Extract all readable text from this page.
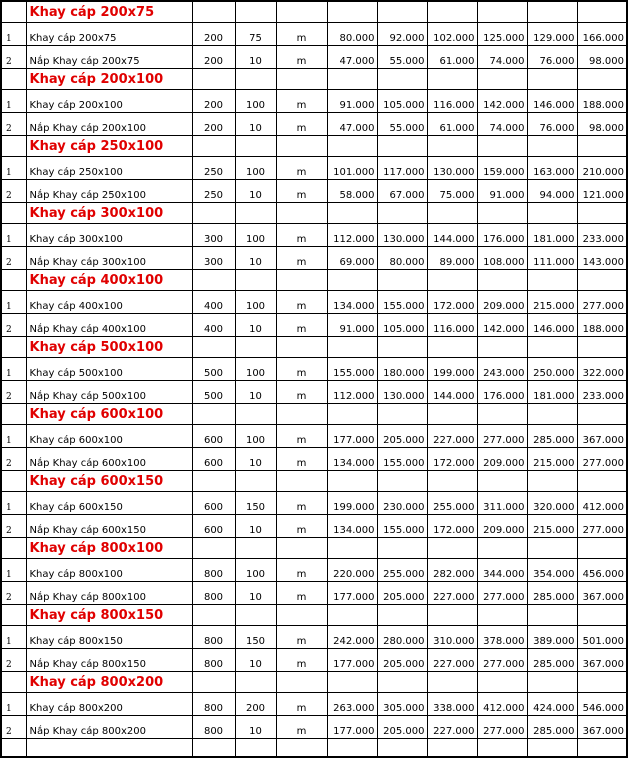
	Khay cáp 200x75									
1	Khay cáp 200x75	200	75	m	80.000	92.000	102.000	125.000	129.000	166.000
2	Nắp Khay cáp 200x75	200	10	m	47.000	55.000	61.000	74.000	76.000	98.000
	Khay cáp 200x100									
1	Khay cáp 200x100	200	100	m	91.000	105.000	116.000	142.000	146.000	188.000
2	Nắp Khay cáp 200x100	200	10	m	47.000	55.000	61.000	74.000	76.000	98.000
	Khay cáp 250x100									
1	Khay cáp 250x100	250	100	m	101.000	117.000	130.000	159.000	163.000	210.000
2	Nắp Khay cáp 250x100	250	10	m	58.000	67.000	75.000	91.000	94.000	121.000
	Khay cáp 300x100									
1	Khay cáp 300x100	300	100	m	112.000	130.000	144.000	176.000	181.000	233.000
2	Nắp Khay cáp 300x100	300	10	m	69.000	80.000	89.000	108.000	111.000	143.000
	Khay cáp 400x100									
1	Khay cáp 400x100	400	100	m	134.000	155.000	172.000	209.000	215.000	277.000
2	Nắp Khay cáp 400x100	400	10	m	91.000	105.000	116.000	142.000	146.000	188.000
	Khay cáp 500x100									
1	Khay cáp 500x100	500	100	m	155.000	180.000	199.000	243.000	250.000	322.000
2	Nắp Khay cáp 500x100	500	10	m	112.000	130.000	144.000	176.000	181.000	233.000
	Khay cáp 600x100									
1	Khay cáp 600x100	600	100	m	177.000	205.000	227.000	277.000	285.000	367.000
2	Nắp Khay cáp 600x100	600	10	m	134.000	155.000	172.000	209.000	215.000	277.000
	Khay cáp 600x150									
1	Khay cáp 600x150	600	150	m	199.000	230.000	255.000	311.000	320.000	412.000
2	Nắp Khay cáp 600x150	600	10	m	134.000	155.000	172.000	209.000	215.000	277.000
	Khay cáp 800x100									
1	Khay cáp 800x100	800	100	m	220.000	255.000	282.000	344.000	354.000	456.000
2	Nắp Khay cáp 800x100	800	10	m	177.000	205.000	227.000	277.000	285.000	367.000
	Khay cáp 800x150									
1	Khay cáp 800x150	800	150	m	242.000	280.000	310.000	378.000	389.000	501.000
2	Nắp Khay cáp 800x150	800	10	m	177.000	205.000	227.000	277.000	285.000	367.000
	Khay cáp 800x200									
1	Khay cáp 800x200	800	200	m	263.000	305.000	338.000	412.000	424.000	546.000
2	Nắp Khay cáp 800x200	800	10	m	177.000	205.000	227.000	277.000	285.000	367.000
